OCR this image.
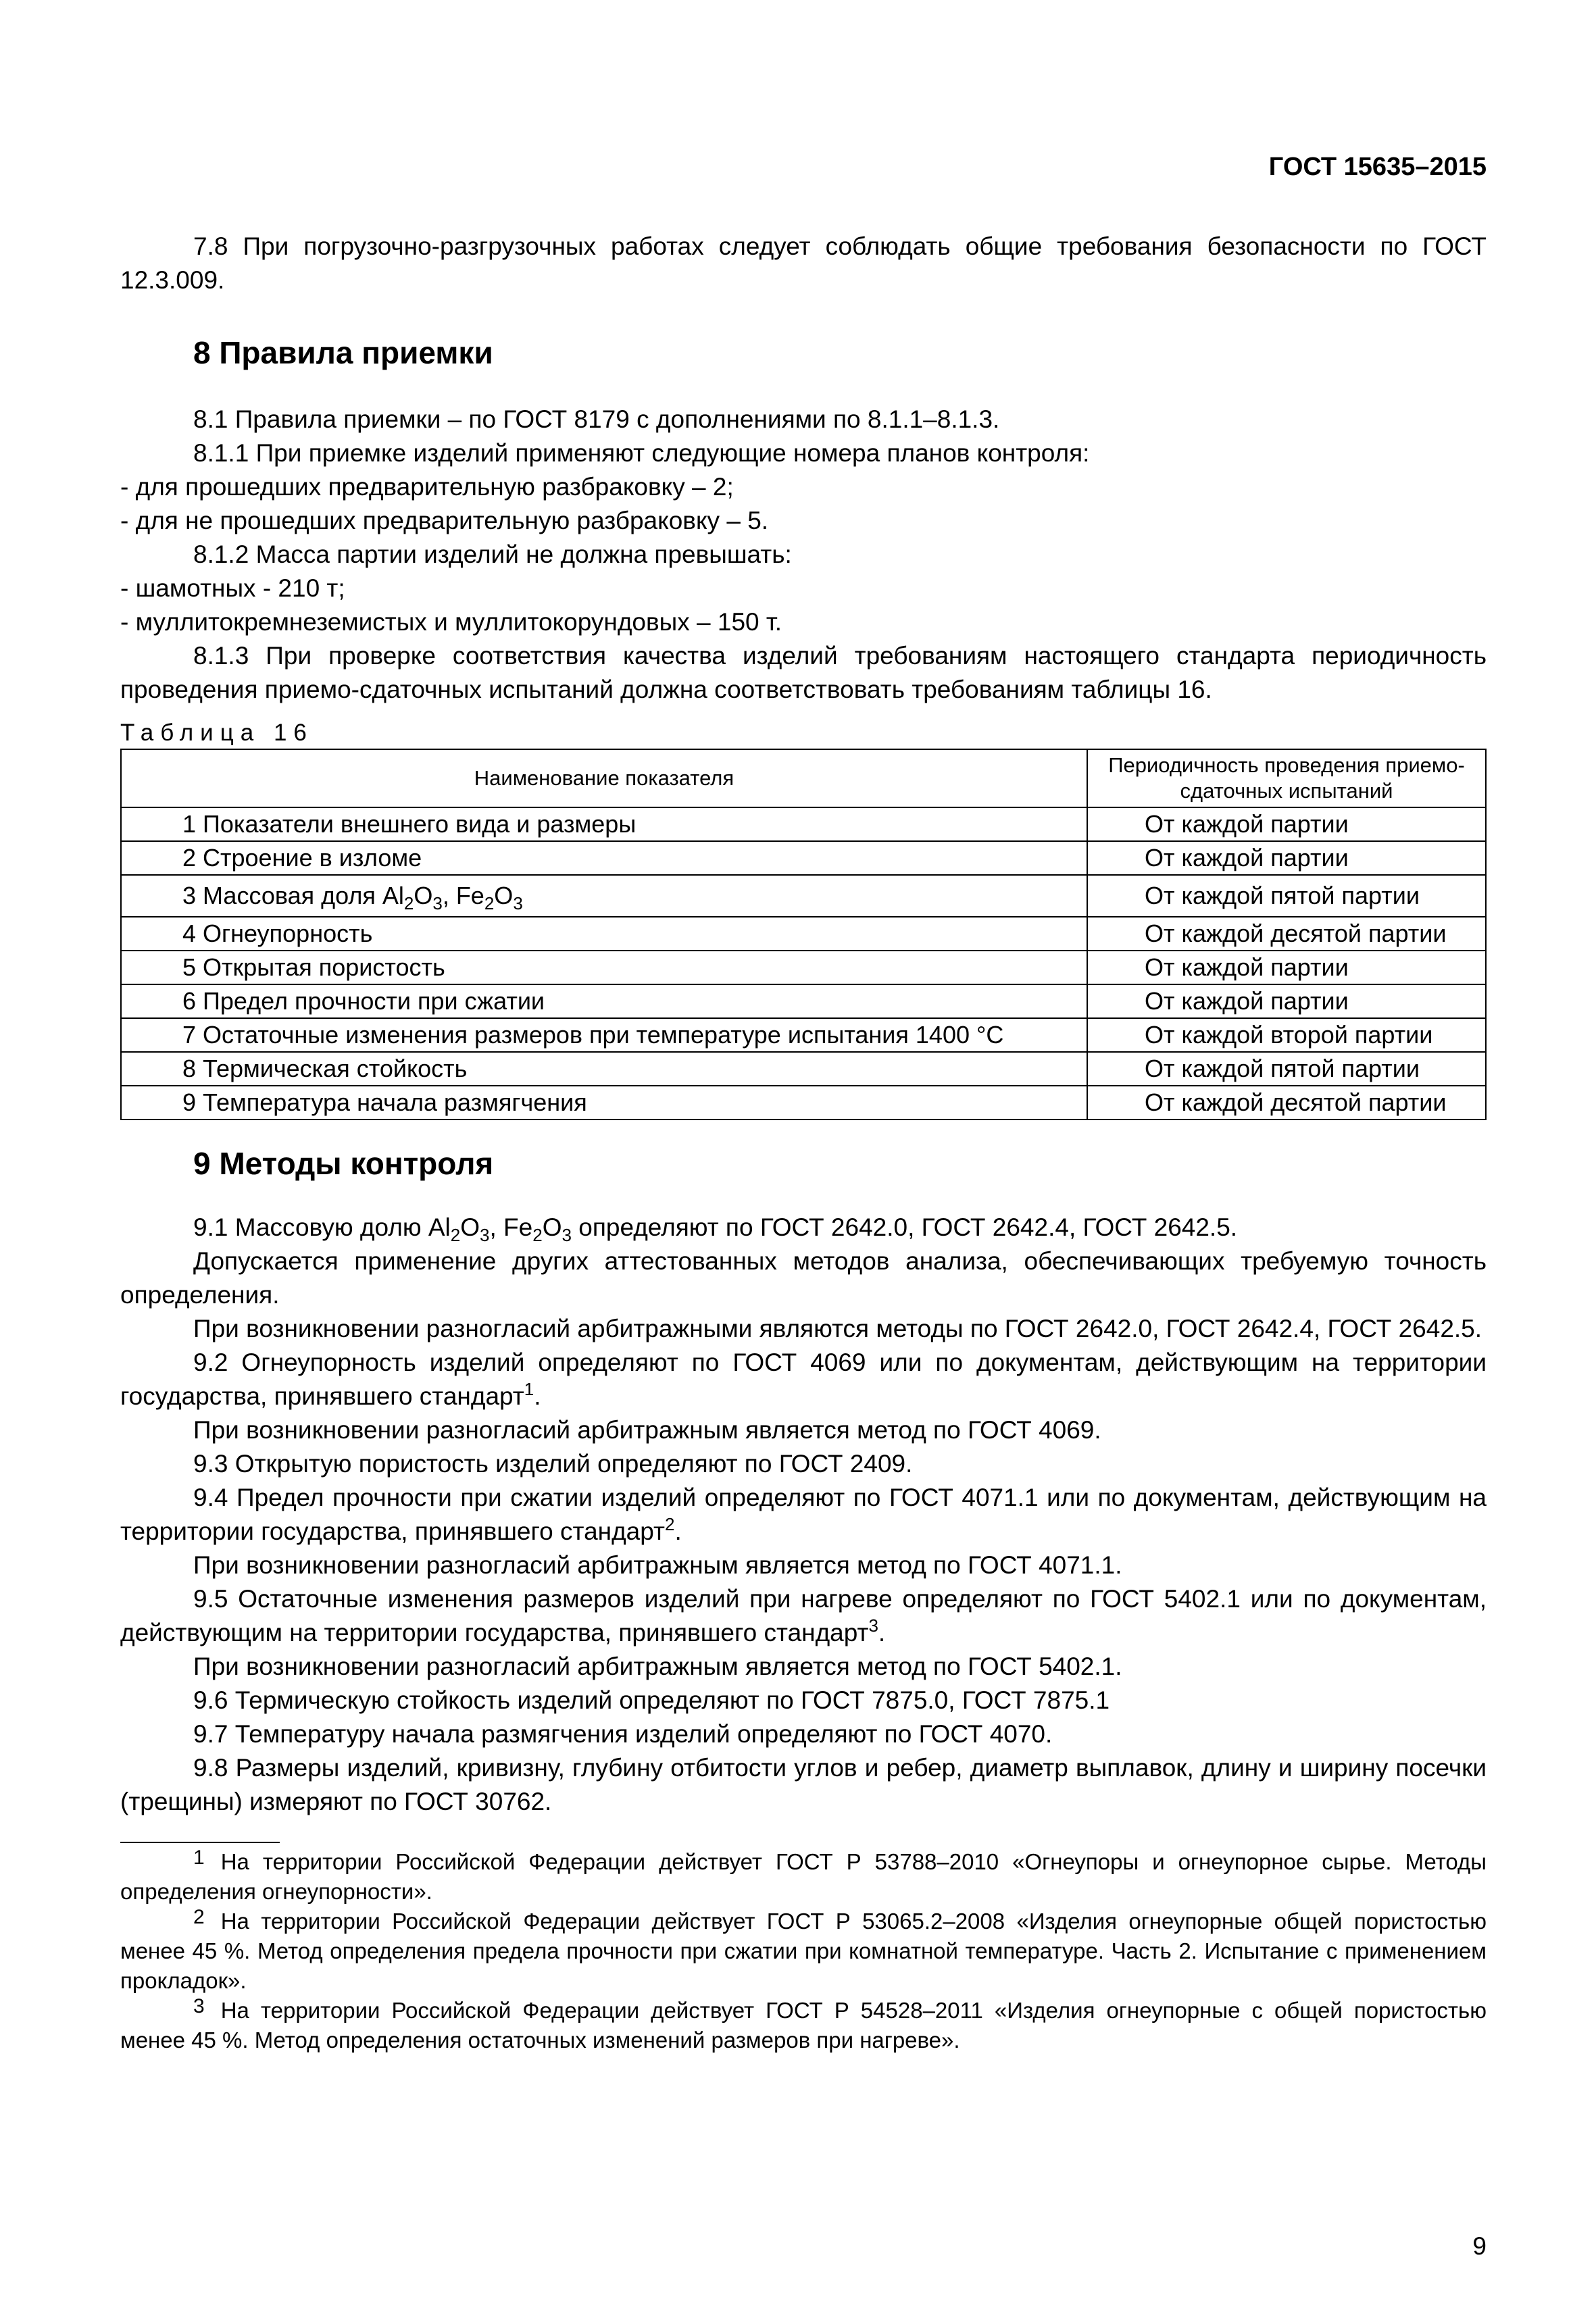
ГОСТ 15635–2015

7.8 При погрузочно-разгрузочных работах следует соблюдать общие требования безопасности по ГОСТ 12.3.009.

8 Правила приемки

8.1 Правила приемки – по ГОСТ 8179 с дополнениями по 8.1.1–8.1.3.

8.1.1 При приемке изделий применяют следующие номера планов контроля:

- для прошедших предварительную разбраковку – 2;

- для не прошедших предварительную разбраковку – 5.

8.1.2 Масса партии изделий не должна превышать:

- шамотных - 210 т;

- муллитокремнеземистых и муллитокорундовых – 150 т.

8.1.3 При проверке соответствия качества изделий требованиям настоящего стандарта периодичность проведения приемо-сдаточных испытаний должна соответствовать требованиям таблицы 16.

Таблица 16
Наименование показателя	Периодичность проведения приемо-сдаточных испытаний
1 Показатели внешнего вида и размеры	От каждой партии
2 Строение в изломе	От каждой партии
3 Массовая доля $Al_2O_3$, $Fe_2O_3$	От каждой пятой партии
4 Огнеупорность	От каждой десятой партии
5 Открытая пористость	От каждой партии
6 Предел прочности при сжатии	От каждой партии
7 Остаточные изменения размеров при температуре испытания 1400 °С	От каждой второй партии
8 Термическая стойкость	От каждой пятой партии
9 Температура начала размягчения	От каждой десятой партии
9 Методы контроля

9.1 Массовую долю $Al_2O_3$, $Fe_2O_3$ определяют по ГОСТ 2642.0, ГОСТ 2642.4, ГОСТ 2642.5.

Допускается применение других аттестованных методов анализа, обеспечивающих требуемую точность определения.

При возникновении разногласий арбитражными являются методы по ГОСТ 2642.0, ГОСТ 2642.4, ГОСТ 2642.5.

9.2 Огнеупорность изделий определяют по ГОСТ 4069 или по документам, действующим на территории государства, принявшего стандарт$^1$.

При возникновении разногласий арбитражным является метод по ГОСТ 4069.

9.3 Открытую пористость изделий определяют по ГОСТ 2409.

9.4 Предел прочности при сжатии изделий определяют по ГОСТ 4071.1 или по документам, действующим на территории государства, принявшего стандарт$^2$.

При возникновении разногласий арбитражным является метод по ГОСТ 4071.1.

9.5 Остаточные изменения размеров изделий при нагреве определяют по ГОСТ 5402.1 или по документам, действующим на территории государства, принявшего стандарт$^3$.

При возникновении разногласий арбитражным является метод по ГОСТ 5402.1.

9.6 Термическую стойкость изделий определяют по ГОСТ 7875.0, ГОСТ 7875.1

9.7 Температуру начала размягчения изделий определяют по ГОСТ 4070.

9.8 Размеры изделий, кривизну, глубину отбитости углов и ребер, диаметр выплавок, длину и ширину посечки (трещины) измеряют по ГОСТ 30762.

1 На территории Российской Федерации действует ГОСТ Р 53788–2010 «Огнеупоры и огнеупорное сырье. Методы определения огнеупорности».

2 На территории Российской Федерации действует ГОСТ Р 53065.2–2008 «Изделия огнеупорные общей пористостью менее 45 %. Метод определения предела прочности при сжатии при комнатной температуре. Часть 2. Испытание с применением прокладок».

3 На территории Российской Федерации действует ГОСТ Р 54528–2011 «Изделия огнеупорные с общей пористостью менее 45 %. Метод определения остаточных изменений размеров при нагреве».

9
